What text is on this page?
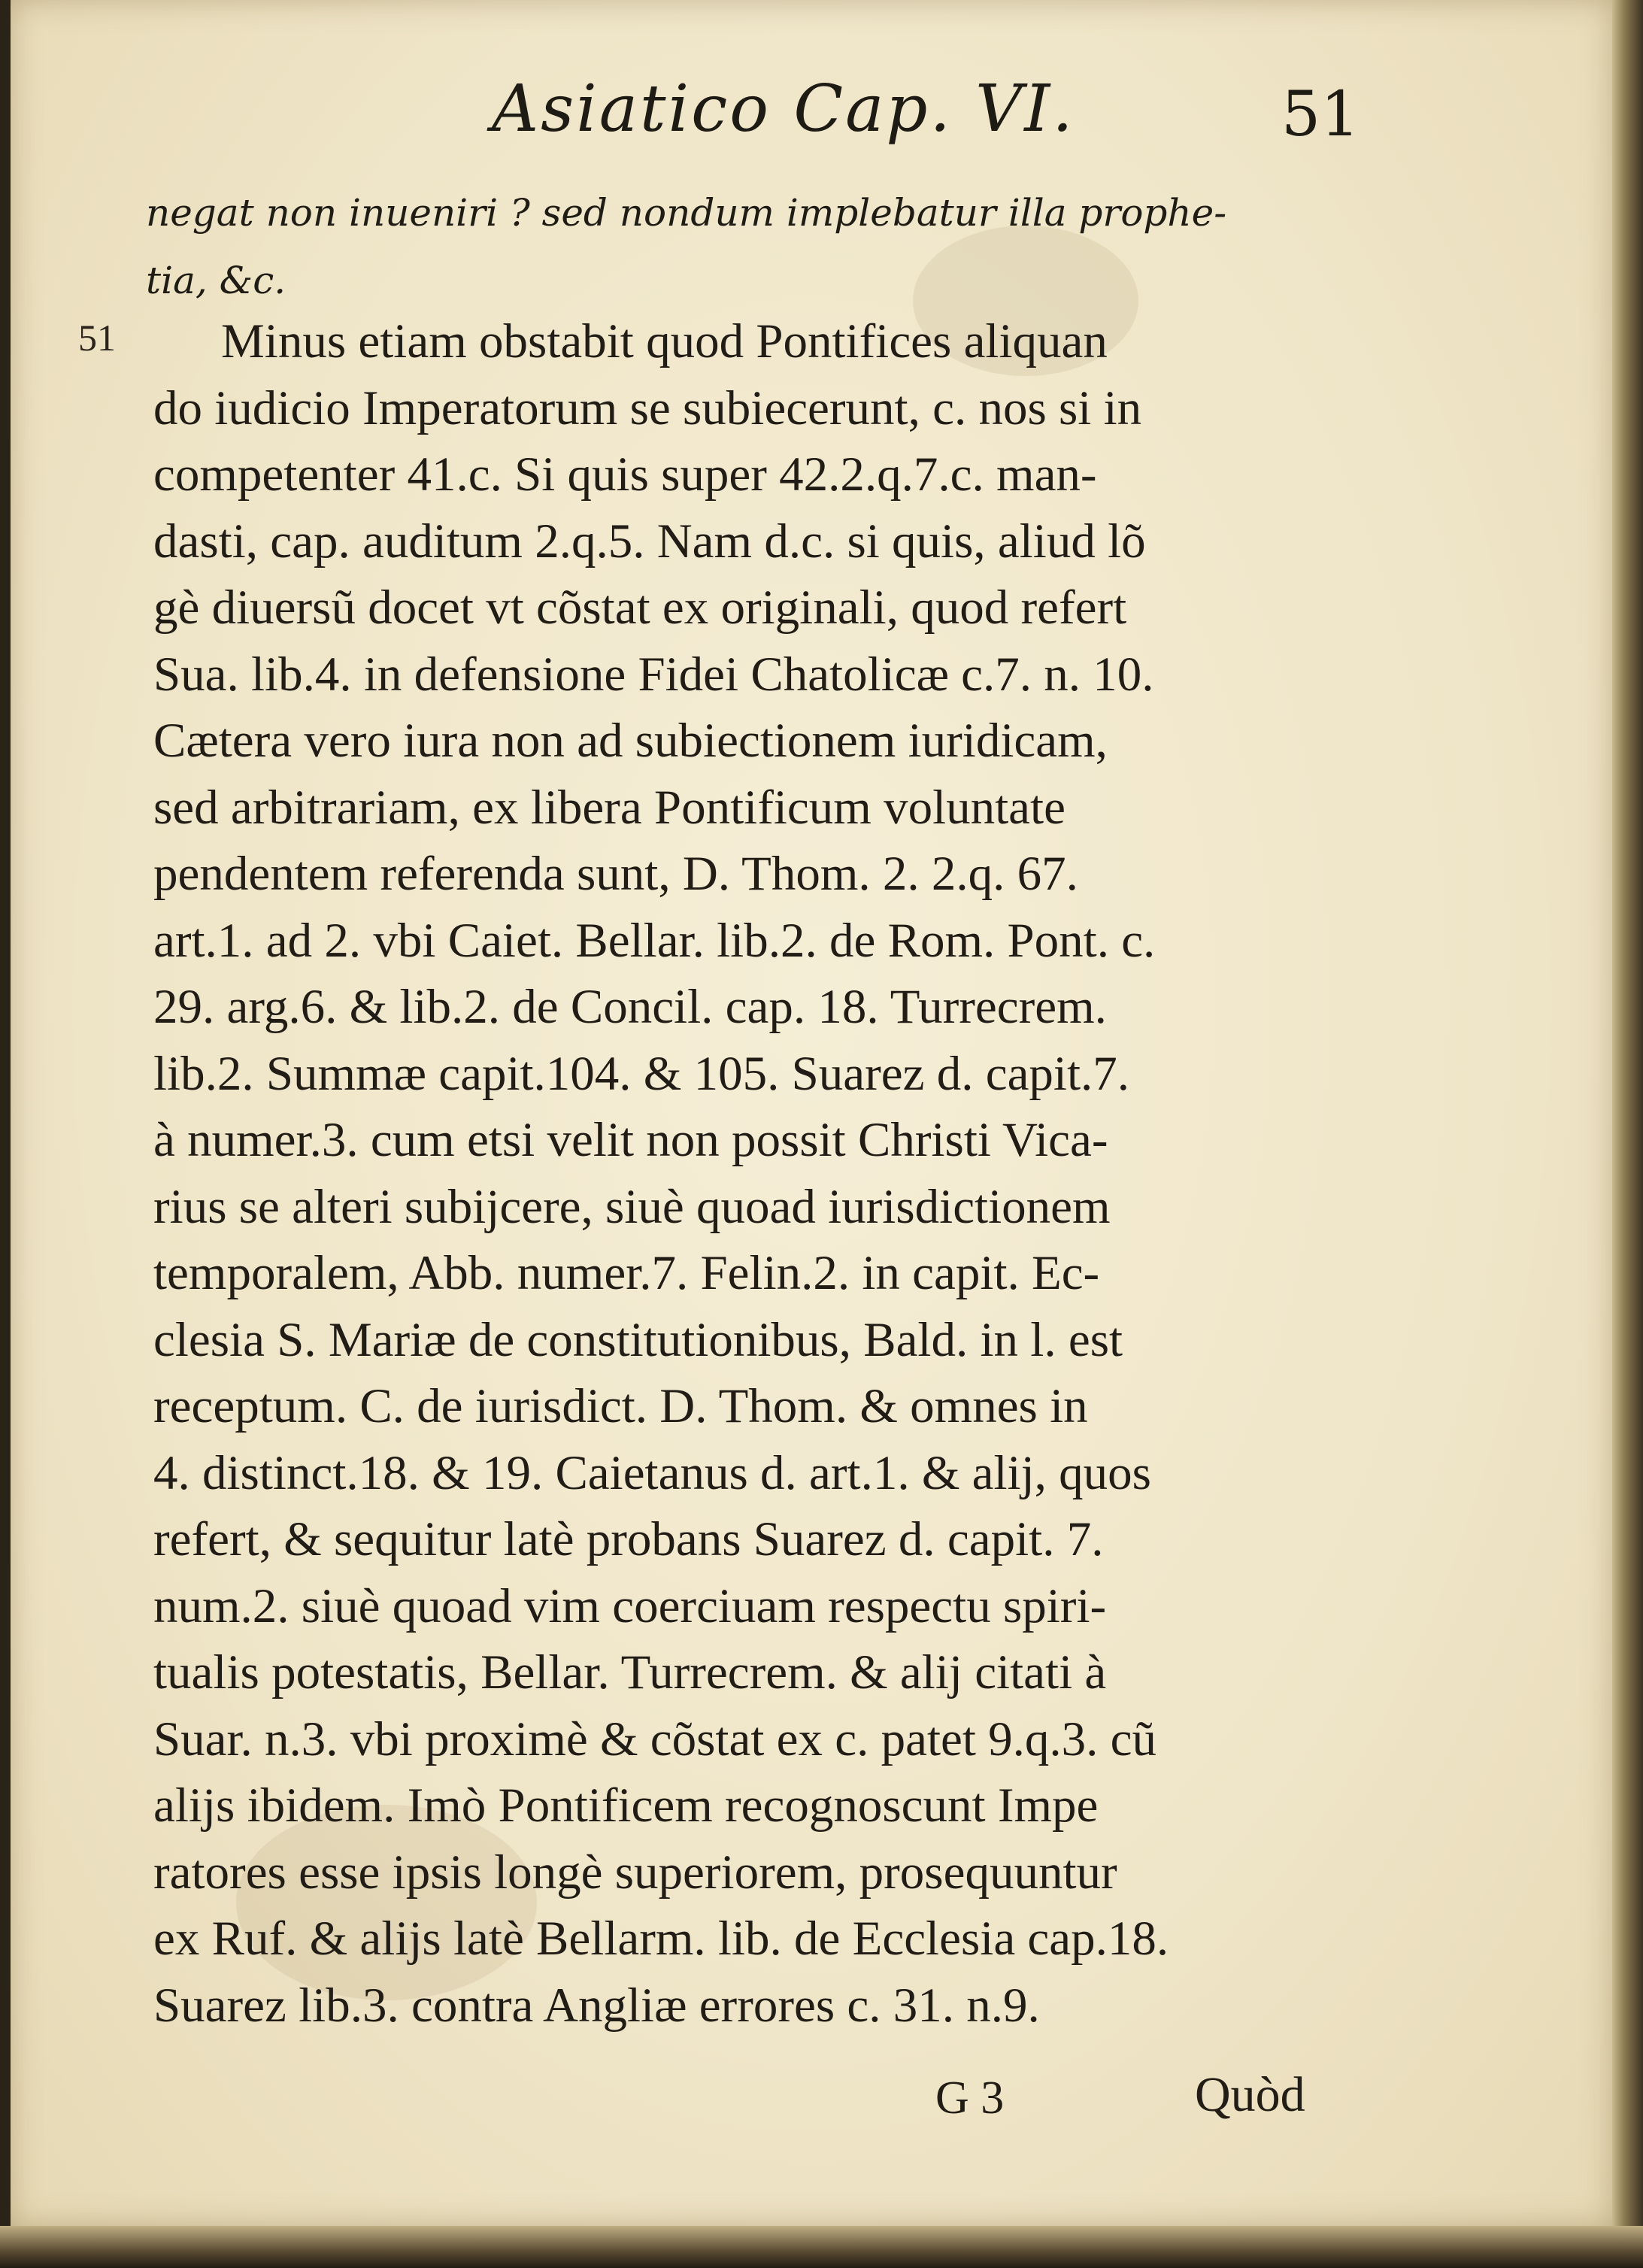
Asiatico Cap. VI.	51
negat non inueniri ? sed nondum implebatur illa prophe-
tia, &c.
51	Minus etiam obstabit quod Pontifices aliquan
do iudicio Imperatorum se subiecerunt, c. nos si in
competenter 41.c. Si quis super 42.2.q.7.c. man-
dasti, cap. auditum 2.q.5. Nam d.c. si quis, aliud lõ
gè diuersũ docet vt cõstat ex originali, quod refert
Sua. lib.4. in defensione Fidei Chatolicæ c.7. n. 10.
Cætera vero iura non ad subiectionem iuridicam,
sed arbitrariam, ex libera Pontificum voluntate
pendentem referenda sunt, D. Thom. 2. 2.q. 67.
art.1. ad 2. vbi Caiet. Bellar. lib.2. de Rom. Pont. c.
29. arg.6. & lib.2. de Concil. cap. 18. Turrecrem.
lib.2. Summæ capit.104. & 105. Suarez d. capit.7.
à numer.3. cum etsi velit non possit Christi Vica-
rius se alteri subijcere, siuè quoad iurisdictionem
temporalem, Abb. numer.7. Felin.2. in capit. Ec-
clesia S. Mariæ de constitutionibus, Bald. in l. est
receptum. C. de iurisdict. D. Thom. & omnes in
4. distinct.18. & 19. Caietanus d. art.1. & alij, quos
refert, & sequitur latè probans Suarez d. capit. 7.
num.2. siuè quoad vim coerciuam respectu spiri-
tualis potestatis, Bellar. Turrecrem. & alij citati à
Suar. n.3. vbi proximè & cõstat ex c. patet 9.q.3. cũ
alijs ibidem. Imò Pontificem recognoscunt Impe
ratores esse ipsis longè superiorem, prosequuntur
ex Ruf. & alijs latè Bellarm. lib. de Ecclesia cap.18.
Suarez lib.3. contra Angliæ errores c. 31. n.9.
G 3	Quòd
